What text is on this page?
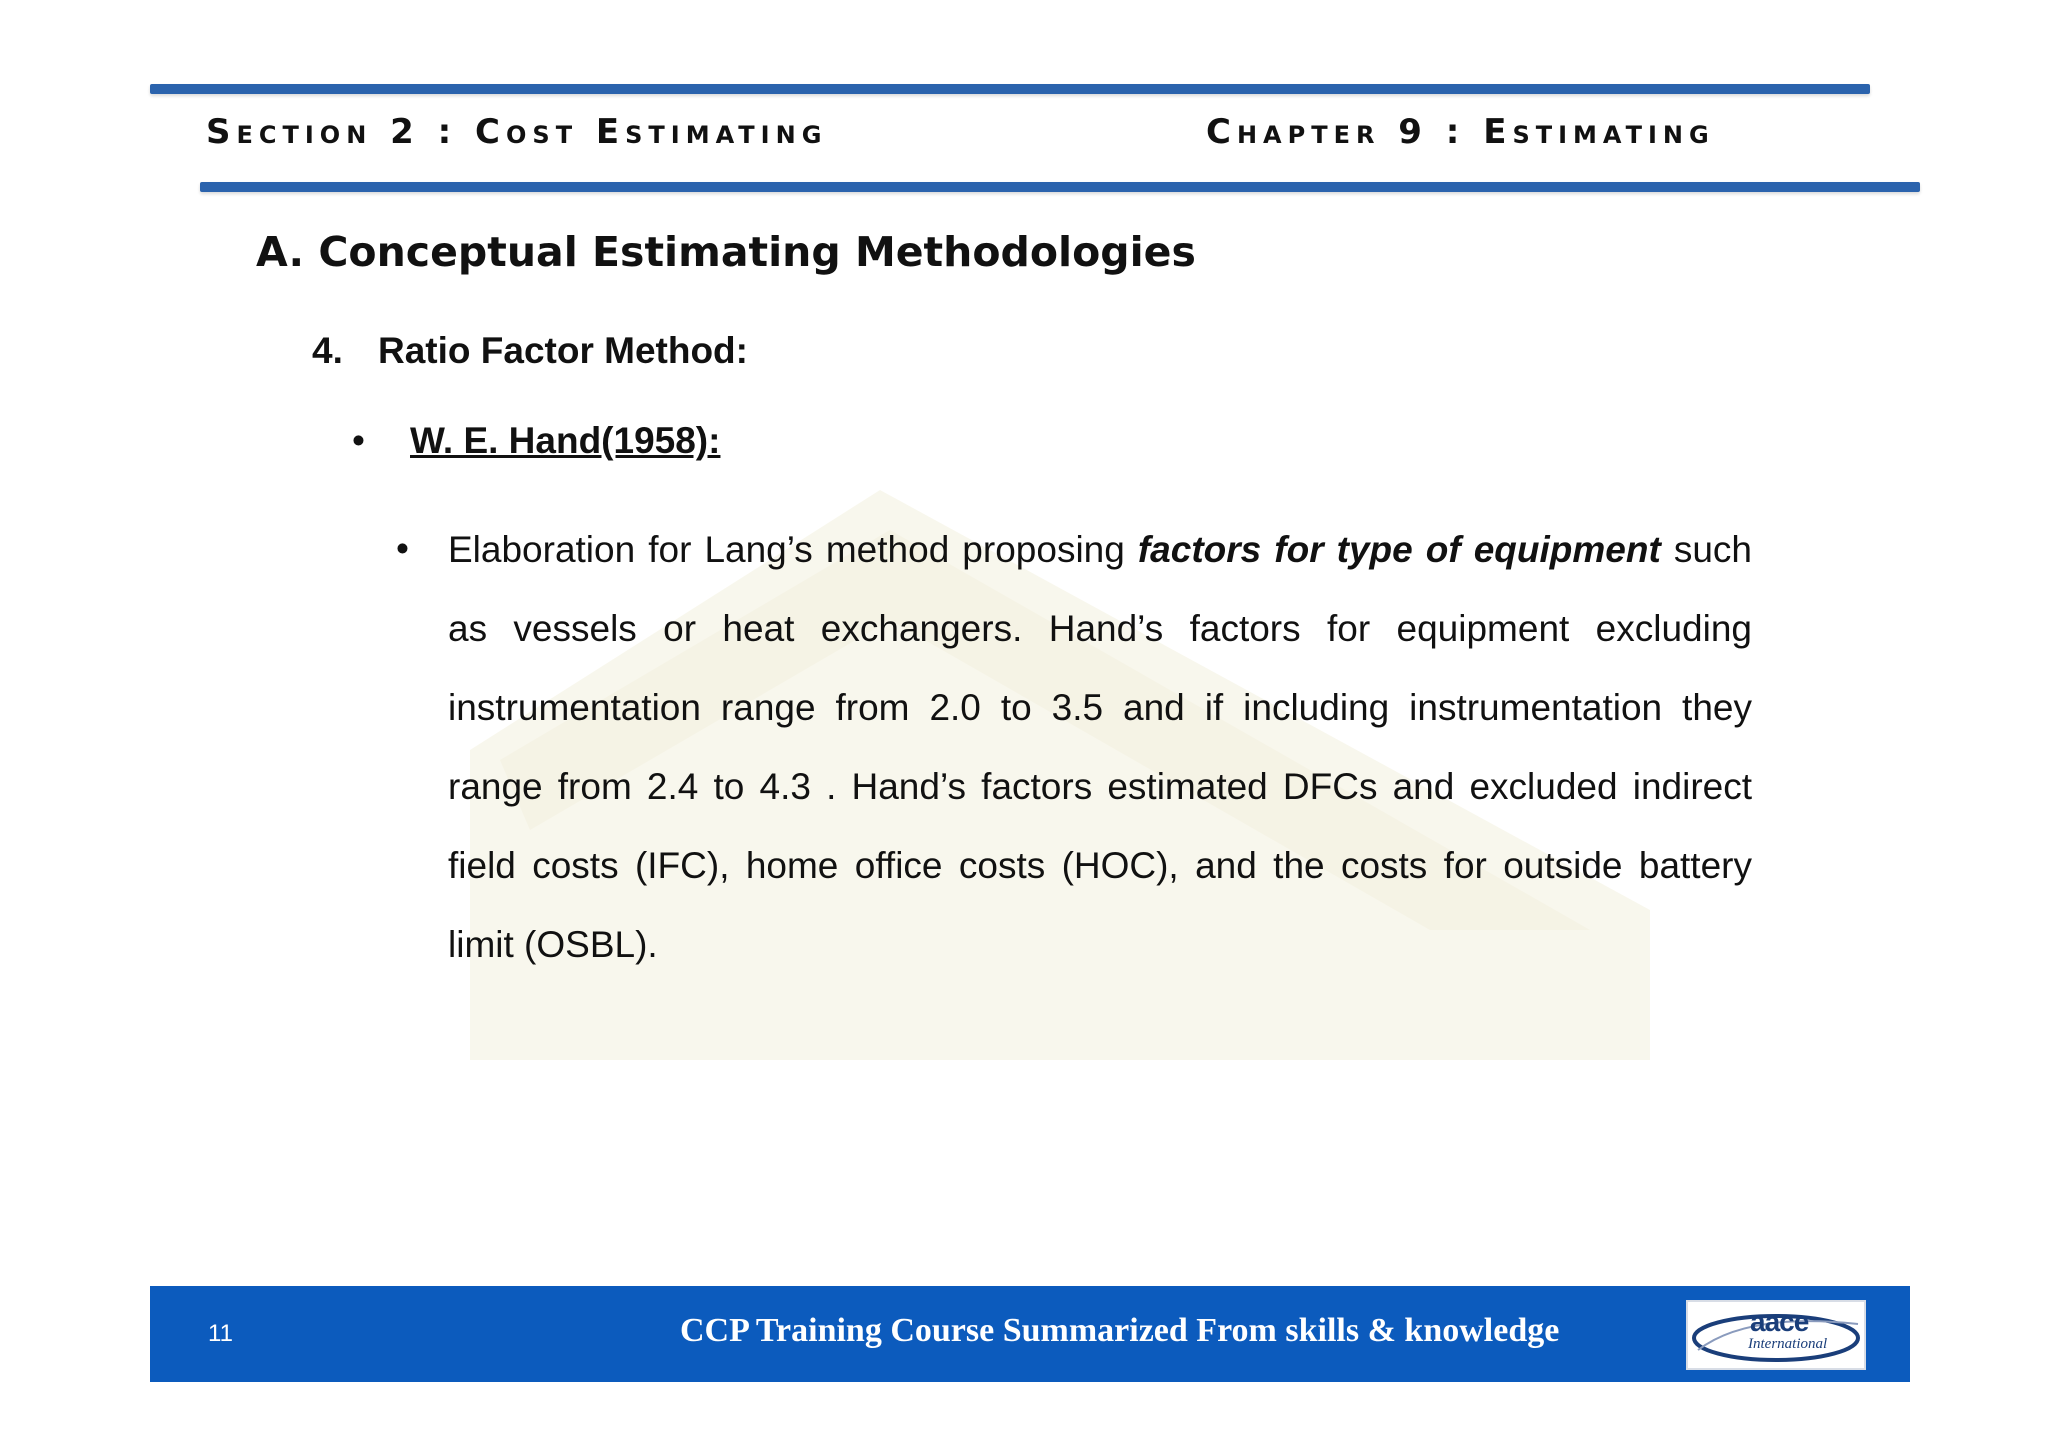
Section 2 : Cost Estimating	Chapter 9 : Estimating
A. Conceptual Estimating Methodologies
4. Ratio Factor Method:
• W. E. Hand(1958):
• Elaboration for Lang’s method proposing factors for type of equipment such as vessels or heat exchangers. Hand’s factors for equipment excluding instrumentation range from 2.0 to 3.5 and if including instrumentation they range from 2.4 to 4.3 . Hand’s factors estimated DFCs and excluded indirect field costs (IFC), home office costs (HOC), and the costs for outside battery limit (OSBL).
11	CCP Training Course Summarized From skills & knowledge	aace
International
